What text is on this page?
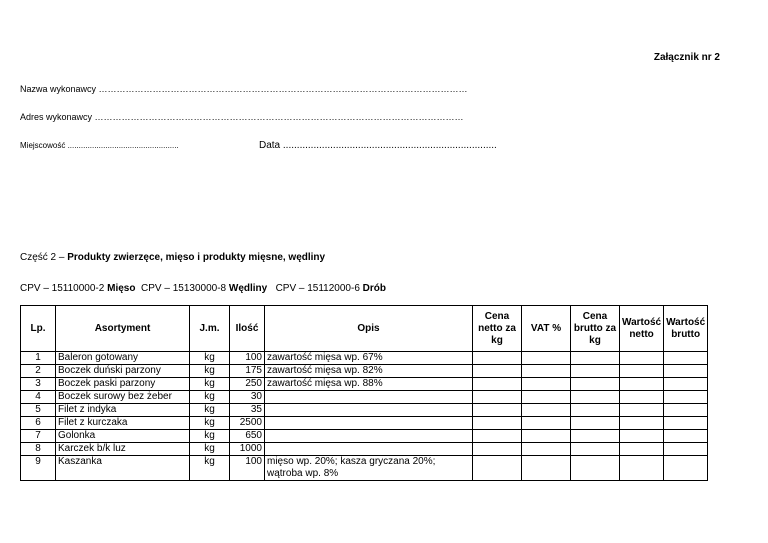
Załącznik nr 2
Nazwa wykonawcy ……………………………………………………………………………………………………………
Adres wykonawcy ……………………………………………………………………………………………………………
Miejscowość ..................................................	Data .............................................................................
Część 2 – Produkty zwierzęce, mięso i produkty mięsne, wędliny
CPV – 15110000-2 Mięso CPV – 15130000-8 Wędliny CPV – 15112000-6 Drób
Lp.	Asortyment	J.m.	Ilość	Opis	Cena netto za kg	VAT %	Cena brutto za kg	Wartość netto	Wartość brutto
1	Baleron gotowany	kg	100	zawartość mięsa wp. 67%					
2	Boczek duński parzony	kg	175	zawartość mięsa wp. 82%					
3	Boczek paski parzony	kg	250	zawartość mięsa wp. 88%					
4	Boczek surowy bez żeber	kg	30						
5	Filet z indyka	kg	35						
6	Filet z kurczaka	kg	2500						
7	Golonka	kg	650						
8	Karczek b/k luz	kg	1000						
9	Kaszanka	kg	100	mięso wp. 20%; kasza gryczana 20%; wątroba wp. 8%					
